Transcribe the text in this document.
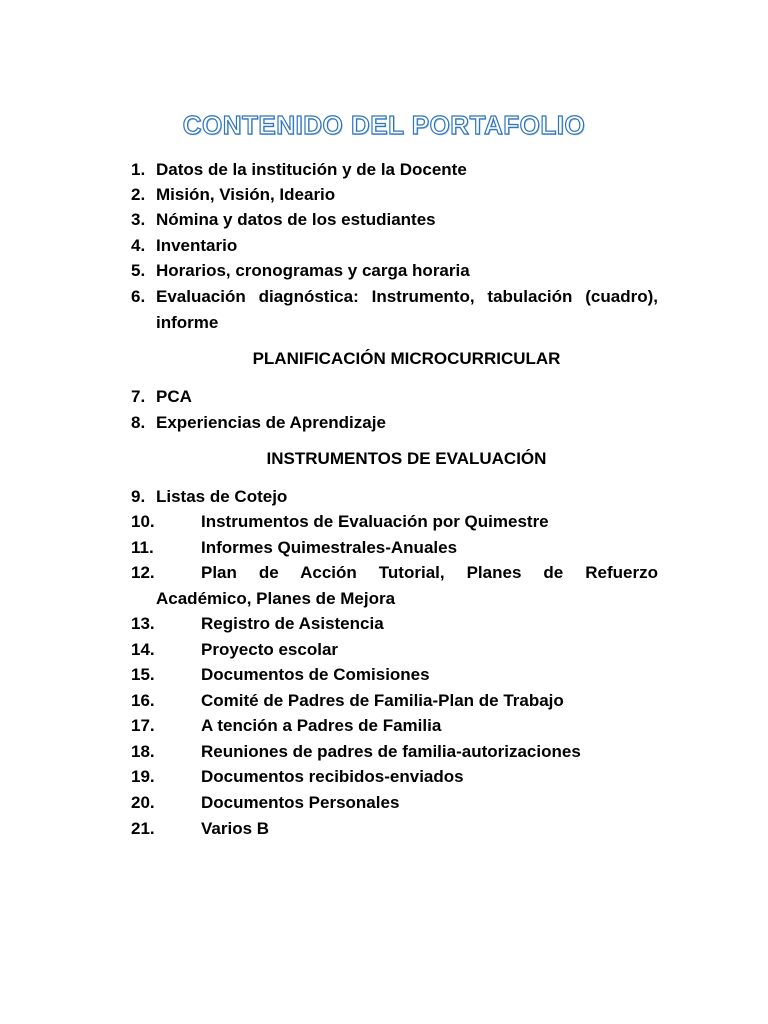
CONTENIDO DEL PORTAFOLIO
1. Datos de la institución y de la Docente
2. Misión, Visión, Ideario
3. Nómina y datos de los estudiantes
4. Inventario
5. Horarios, cronogramas y carga horaria
6. Evaluación diagnóstica: Instrumento, tabulación (cuadro),
informe
PLANIFICACIÓN MICROCURRICULAR
7. PCA
8. Experiencias de Aprendizaje
INSTRUMENTOS DE EVALUACIÓN
9. Listas de Cotejo
10.	Instrumentos de Evaluación por Quimestre
11.	Informes Quimestrales-Anuales
12.	Plan de Acción Tutorial, Planes de Refuerzo
Académico, Planes de Mejora
13.	Registro de Asistencia
14.	Proyecto escolar
15.	Documentos de Comisiones
16.	Comité de Padres de Familia-Plan de Trabajo
17.	A tención a Padres de Familia
18.	Reuniones de padres de familia-autorizaciones
19.	Documentos recibidos-enviados
20.	Documentos Personales
21.	Varios B
